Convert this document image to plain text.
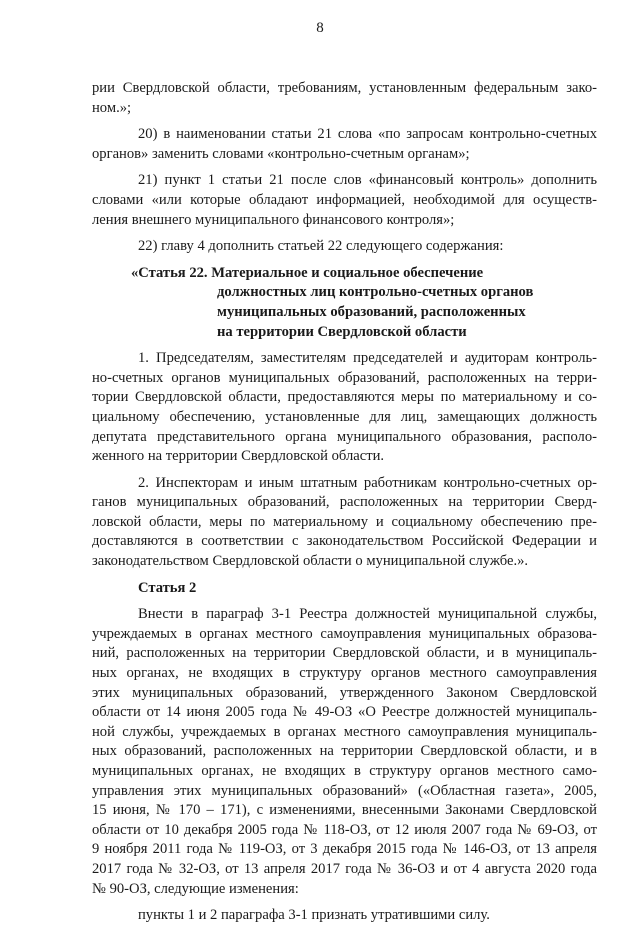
8
рии Свердловской области, требованиям, установленным федеральным зако-
ном.»;
20) в наименовании статьи 21 слова «по запросам контрольно-счетных
органов» заменить словами «контрольно-счетным органам»;
21) пункт 1 статьи 21 после слов «финансовый контроль» дополнить
словами «или которые обладают информацией, необходимой для осуществ-
ления внешнего муниципального финансового контроля»;
22) главу 4 дополнить статьей 22 следующего содержания:
«Статья 22. Материальное и социальное обеспечение
должностных лиц контрольно-счетных органов
муниципальных образований, расположенных
на территории Свердловской области
1. Председателям, заместителям председателей и аудиторам контроль-
но-счетных органов муниципальных образований, расположенных на терри-
тории Свердловской области, предоставляются меры по материальному и со-
циальному обеспечению, установленные для лиц, замещающих должность
депутата представительного органа муниципального образования, располо-
женного на территории Свердловской области.
2. Инспекторам и иным штатным работникам контрольно-счетных ор-
ганов муниципальных образований, расположенных на территории Сверд-
ловской области, меры по материальному и социальному обеспечению пре-
доставляются в соответствии с законодательством Российской Федерации и
законодательством Свердловской области о муниципальной службе.».
Статья 2
Внести в параграф 3-1 Реестра должностей муниципальной службы,
учреждаемых в органах местного самоуправления муниципальных образова-
ний, расположенных на территории Свердловской области, и в муниципаль-
ных органах, не входящих в структуру органов местного самоуправления
этих муниципальных образований, утвержденного Законом Свердловской
области от 14 июня 2005 года № 49-ОЗ «О Реестре должностей муниципаль-
ной службы, учреждаемых в органах местного самоуправления муниципаль-
ных образований, расположенных на территории Свердловской области, и в
муниципальных органах, не входящих в структуру органов местного само-
управления этих муниципальных образований» («Областная газета», 2005,
15 июня, № 170 – 171), с изменениями, внесенными Законами Свердловской
области от 10 декабря 2005 года № 118-ОЗ, от 12 июля 2007 года № 69-ОЗ, от
9 ноября 2011 года № 119-ОЗ, от 3 декабря 2015 года № 146-ОЗ, от 13 апреля
2017 года № 32-ОЗ, от 13 апреля 2017 года № 36-ОЗ и от 4 августа 2020 года
№ 90-ОЗ, следующие изменения:
пункты 1 и 2 параграфа 3-1 признать утратившими силу.
